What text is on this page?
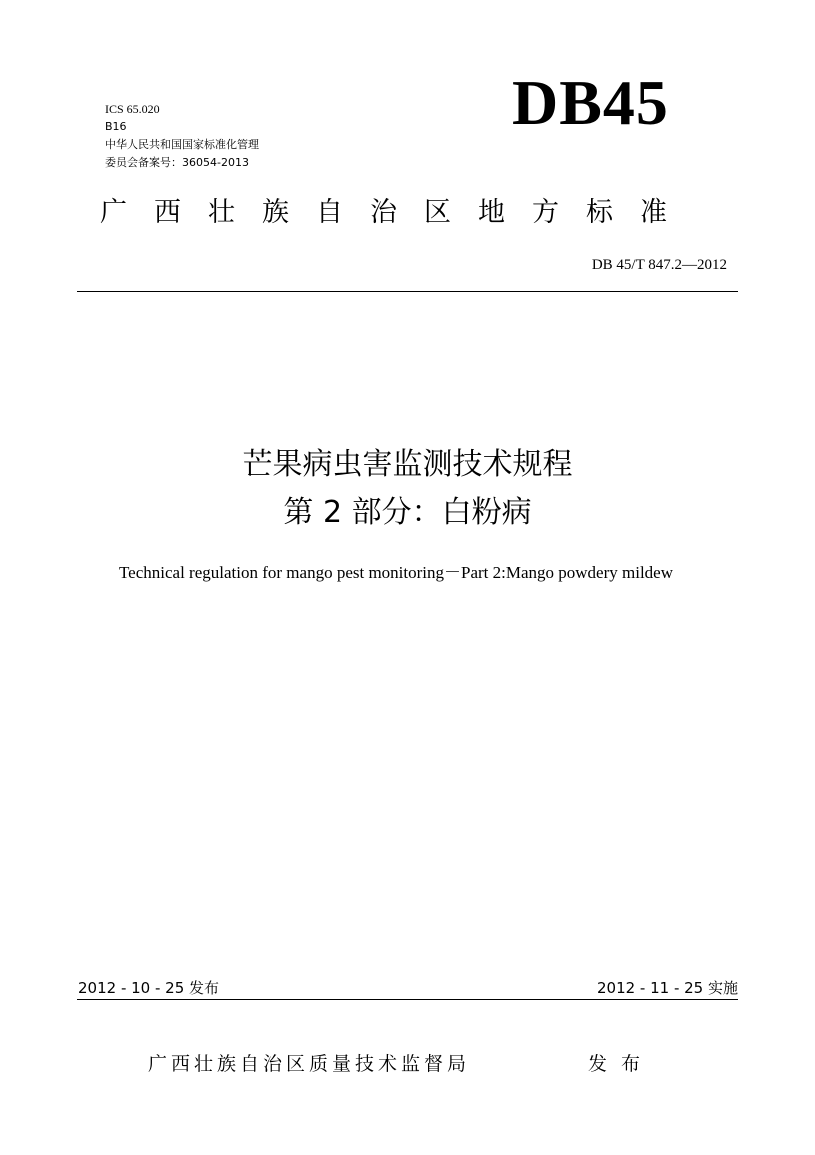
ICS 65.020
B16
中华人民共和国国家标准化管理
委员会备案号：36054-2013
DB45
广西壮族自治区地方标准
DB 45/T 847.2—2012
芒果病虫害监测技术规程
第 2 部分：白粉病
Technical regulation for mango pest monitoring－Part 2:Mango powdery mildew
2012 - 10 - 25 发布	2012 - 11 - 25 实施
广西壮族自治区质量技术监督局	发布
